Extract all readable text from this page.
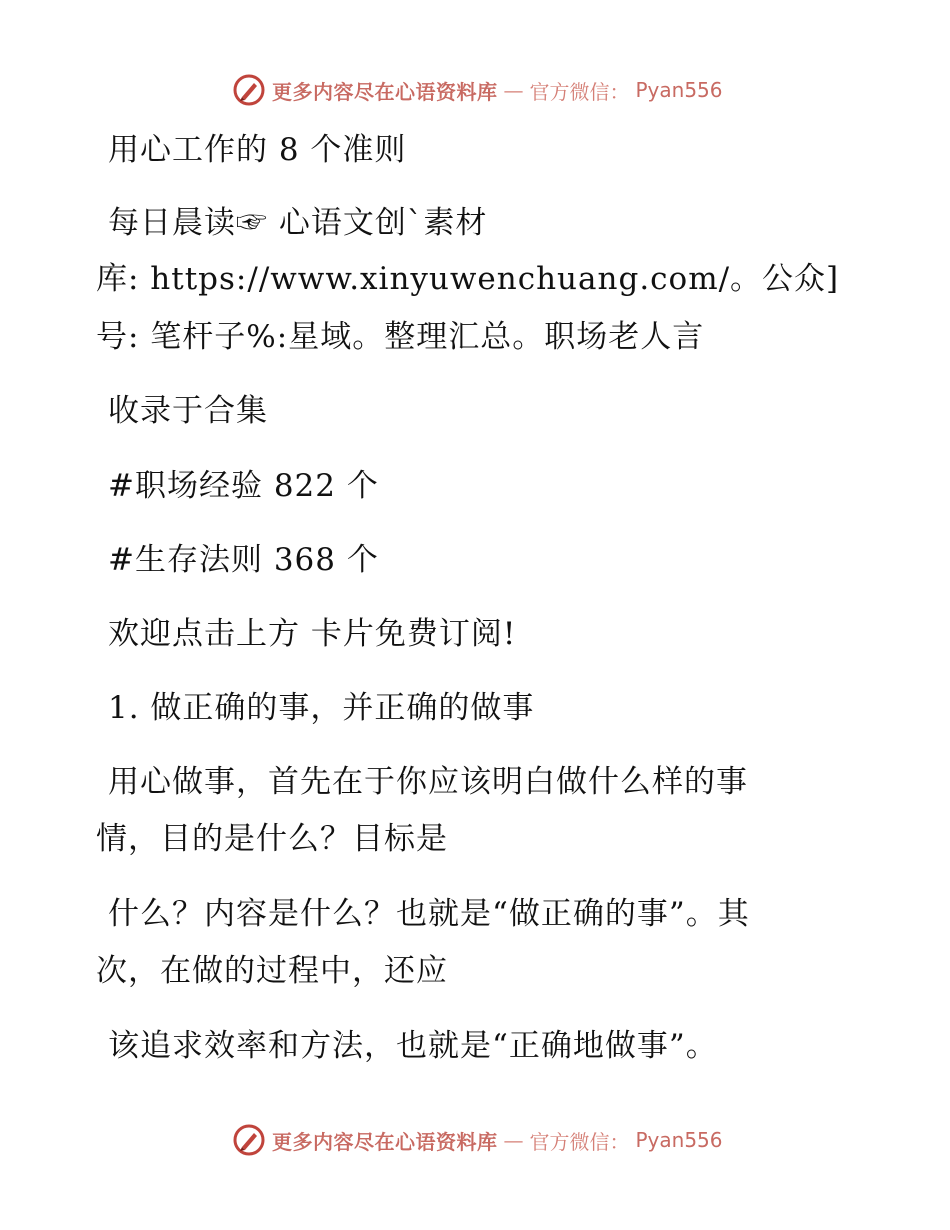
更多内容尽在心语资料库 — 官方微信： Pyan556
用心工作的 8 个准则
每日晨读☞ 心语文创`素材
库: https://www.xinyuwenchuang.com/。公众]
号: 笔杆子%:星域。整理汇总。职场老人言
收录于合集
#职场经验 822 个
#生存法则 368 个
欢迎点击上方 卡片免费订阅!
1. 做正确的事，并正确的做事
用心做事，首先在于你应该明白做什么样的事
情，目的是什么？目标是
什么？内容是什么？也就是“做正确的事”。其
次，在做的过程中，还应
该追求效率和方法，也就是“正确地做事”。
更多内容尽在心语资料库 — 官方微信： Pyan556
